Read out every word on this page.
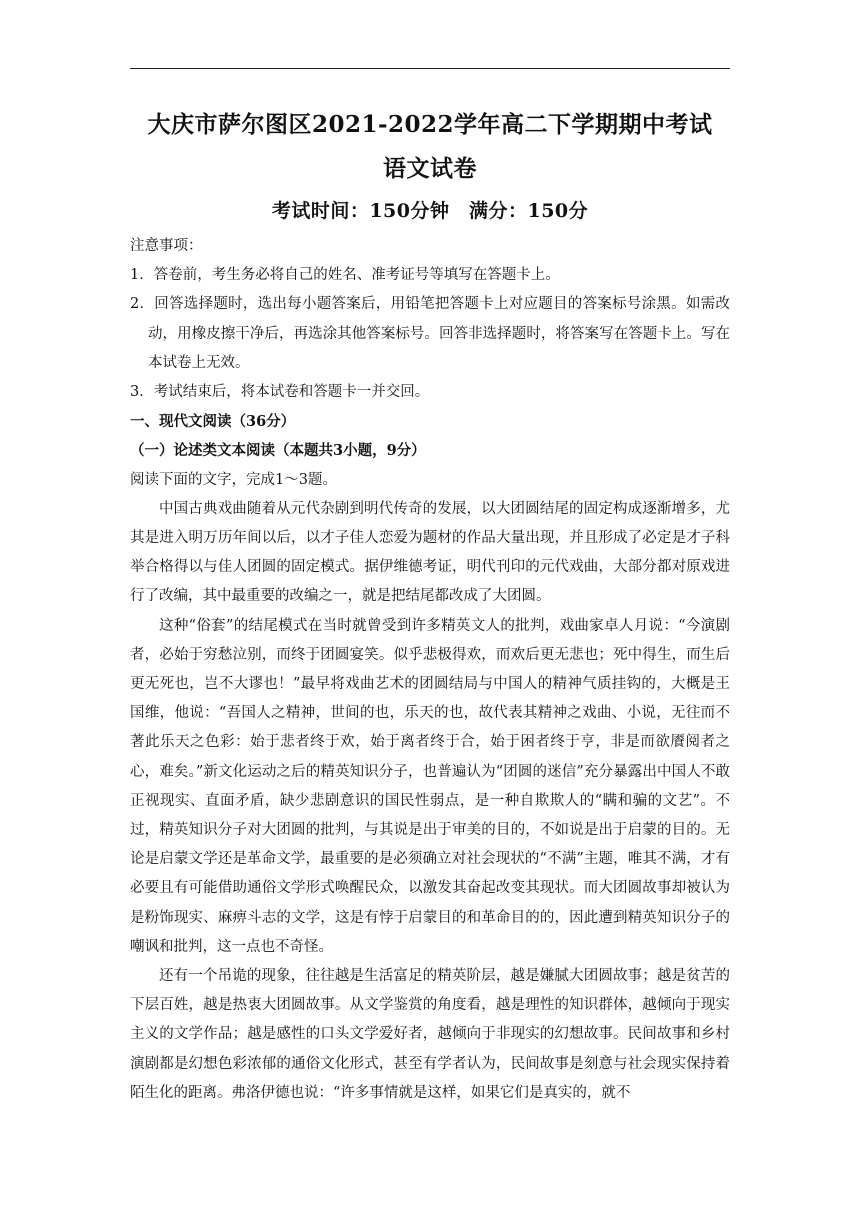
大庆市萨尔图区2021-2022学年高二下学期期中考试
语文试卷
考试时间：150分钟　满分：150分

注意事项：

1．答卷前，考生务必将自己的姓名、准考证号等填写在答题卡上。

2．回答选择题时，选出每小题答案后，用铅笔把答题卡上对应题目的答案标号涂黑。如需改动，用橡皮擦干净后，再选涂其他答案标号。回答非选择题时，将答案写在答题卡上。写在本试卷上无效。

3．考试结束后，将本试卷和答题卡一并交回。

一、现代文阅读（36分）

（一）论述类文本阅读（本题共3小题，9分）

阅读下面的文字，完成1～3题。

中国古典戏曲随着从元代杂剧到明代传奇的发展，以大团圆结尾的固定构成逐渐增多，尤其是进入明万历年间以后，以才子佳人恋爱为题材的作品大量出现，并且形成了必定是才子科举合格得以与佳人团圆的固定模式。据伊维德考证，明代刊印的元代戏曲，大部分都对原戏进行了改编，其中最重要的改编之一，就是把结尾都改成了大团圆。

这种“俗套”的结尾模式在当时就曾受到许多精英文人的批判，戏曲家卓人月说：“今演剧者，必始于穷愁泣别，而终于团圆宴笑。似乎悲极得欢，而欢后更无悲也；死中得生，而生后更无死也，岂不大谬也！”最早将戏曲艺术的团圆结局与中国人的精神气质挂钩的，大概是王国维，他说：“吾国人之精神，世间的也，乐天的也，故代表其精神之戏曲、小说，无往而不著此乐天之色彩：始于悲者终于欢，始于离者终于合，始于困者终于亨，非是而欲餍阅者之心，难矣。”新文化运动之后的精英知识分子，也普遍认为“团圆的迷信”充分暴露出中国人不敢正视现实、直面矛盾，缺少悲剧意识的国民性弱点，是一种自欺欺人的“瞒和骗的文艺”。不过，精英知识分子对大团圆的批判，与其说是出于审美的目的，不如说是出于启蒙的目的。无论是启蒙文学还是革命文学，最重要的是必须确立对社会现状的“不满”主题，唯其不满，才有必要且有可能借助通俗文学形式唤醒民众，以激发其奋起改变其现状。而大团圆故事却被认为是粉饰现实、麻痹斗志的文学，这是有悖于启蒙目的和革命目的的，因此遭到精英知识分子的嘲讽和批判，这一点也不奇怪。

还有一个吊诡的现象，往往越是生活富足的精英阶层，越是嫌腻大团圆故事；越是贫苦的下层百姓，越是热衷大团圆故事。从文学鉴赏的角度看，越是理性的知识群体，越倾向于现实主义的文学作品；越是感性的口头文学爱好者，越倾向于非现实的幻想故事。民间故事和乡村演剧都是幻想色彩浓郁的通俗文化形式，甚至有学者认为，民间故事是刻意与社会现实保持着陌生化的距离。弗洛伊德也说：“许多事情就是这样，如果它们是真实的，就不
